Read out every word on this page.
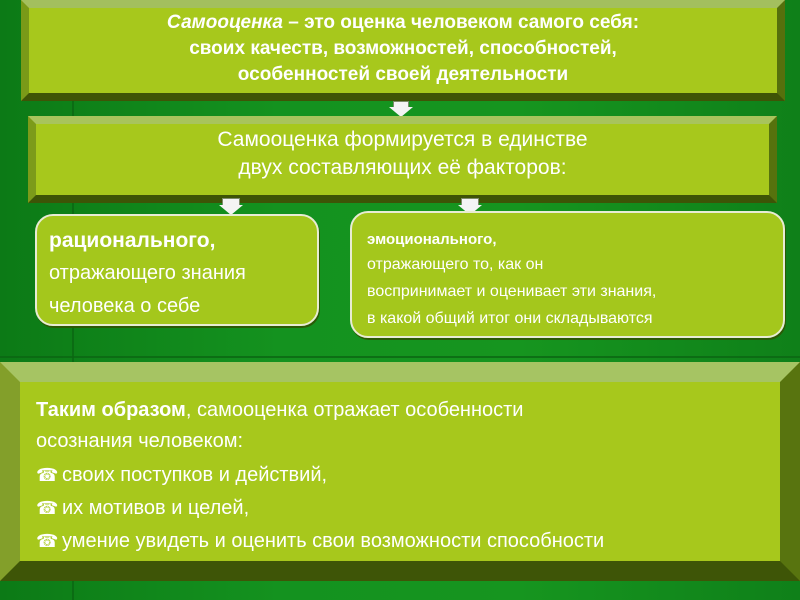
Самооценка – это оценка человеком самого себя:
своих качеств, возможностей, способностей,
особенностей своей деятельности
Самооценка формируется в единстве
двух составляющих её факторов:
рационального,
отражающего знания
человека о себе
эмоционального,
отражающего то, как он
воспринимает и оценивает эти знания,
в какой общий итог они складываются
Таким образом, самооценка отражает особенности
осознания человеком:
☎ своих поступков и действий,
☎ их мотивов и целей,
☎ умение увидеть и оценить свои возможности способности
